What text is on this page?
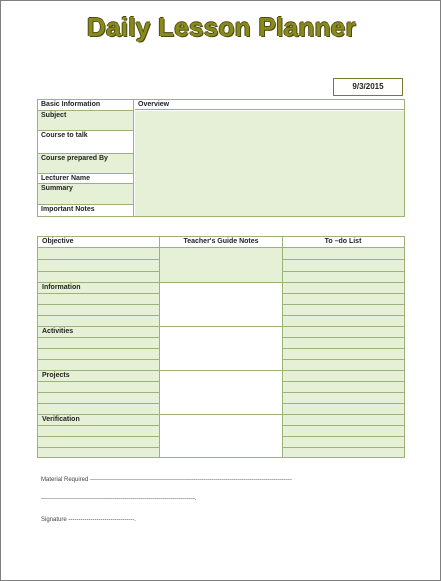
Daily Lesson Planner
9/3/2015
Basic Information
Subject
Course to talk
Course prepared By
Lecturer Name
Summary
Important Notes
Overview
Objective	Teacher's Guide Notes	To –do List
Information
Activities
Projects
Verification
Material Required -----------------------------------------------------------------------------------------------------
-----------------------------------------------------------------------------.
Signature ---------------------------------.
